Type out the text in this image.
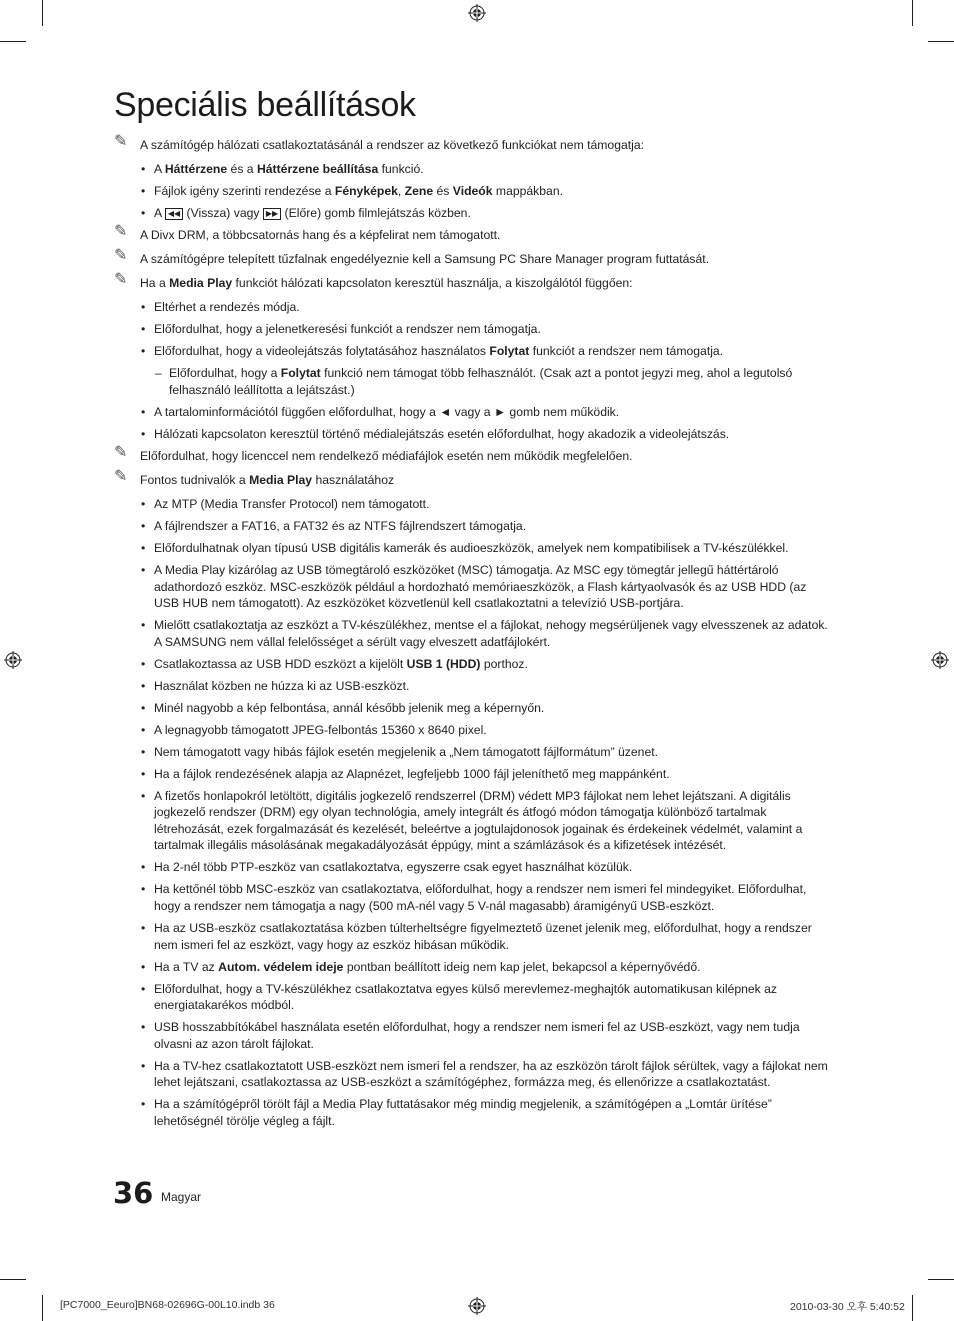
Speciális beállítások

✎ A számítógép hálózati csatlakoztatásánál a rendszer az következő funkciókat nem támogatja:

• A Háttérzene és a Háttérzene beállítása funkció.

• Fájlok igény szerinti rendezése a Fényképek, Zene és Videók mappákban.

• A ◀◀ (Vissza) vagy ▶▶ (Előre) gomb filmlejátszás közben.

✎ A Divx DRM, a többcsatornás hang és a képfelirat nem támogatott.

✎ A számítógépre telepített tűzfalnak engedélyeznie kell a Samsung PC Share Manager program futtatását.

✎ Ha a Media Play funkciót hálózati kapcsolaton keresztül használja, a kiszolgálótól függően:

• Eltérhet a rendezés módja.

• Előfordulhat, hogy a jelenetkeresési funkciót a rendszer nem támogatja.

• Előfordulhat, hogy a videolejátszás folytatásához használatos Folytat funkciót a rendszer nem támogatja.

– Előfordulhat, hogy a Folytat funkció nem támogat több felhasználót. (Csak azt a pontot jegyzi meg, ahol a legutolsó felhasználó leállította a lejátszást.)

• A tartalominformációtól függően előfordulhat, hogy a ◄ vagy a ► gomb nem működik.

• Hálózati kapcsolaton keresztül történő médialejátszás esetén előfordulhat, hogy akadozik a videolejátszás.

✎ Előfordulhat, hogy licenccel nem rendelkező médiafájlok esetén nem működik megfelelően.

✎ Fontos tudnivalók a Media Play használatához

• Az MTP (Media Transfer Protocol) nem támogatott.

• A fájlrendszer a FAT16, a FAT32 és az NTFS fájlrendszert támogatja.

• Előfordulhatnak olyan típusú USB digitális kamerák és audioeszközök, amelyek nem kompatibilisek a TV-készülékkel.

• A Media Play kizárólag az USB tömegtároló eszközöket (MSC) támogatja. Az MSC egy tömegtár jellegű háttértároló adathordozó eszköz. MSC-eszközök például a hordozható memóriaeszközök, a Flash kártyaolvasók és az USB HDD (az USB HUB nem támogatott). Az eszközöket közvetlenül kell csatlakoztatni a televízió USB-portjára.

• Mielőtt csatlakoztatja az eszközt a TV-készülékhez, mentse el a fájlokat, nehogy megsérüljenek vagy elvesszenek az adatok. A SAMSUNG nem vállal felelősséget a sérült vagy elveszett adatfájlokért.

• Csatlakoztassa az USB HDD eszközt a kijelölt USB 1 (HDD) porthoz.

• Használat közben ne húzza ki az USB-eszközt.

• Minél nagyobb a kép felbontása, annál később jelenik meg a képernyőn.

• A legnagyobb támogatott JPEG-felbontás 15360 x 8640 pixel.

• Nem támogatott vagy hibás fájlok esetén megjelenik a „Nem támogatott fájlformátum” üzenet.

• Ha a fájlok rendezésének alapja az Alapnézet, legfeljebb 1000 fájl jeleníthető meg mappánként.

• A fizetős honlapokról letöltött, digitális jogkezelő rendszerrel (DRM) védett MP3 fájlokat nem lehet lejátszani. A digitális jogkezelő rendszer (DRM) egy olyan technológia, amely integrált és átfogó módon támogatja különböző tartalmak létrehozását, ezek forgalmazását és kezelését, beleértve a jogtulajdonosok jogainak és érdekeinek védelmét, valamint a tartalmak illegális másolásának megakadályozását éppúgy, mint a számlázások és a kifizetések intézését.

• Ha 2-nél több PTP-eszköz van csatlakoztatva, egyszerre csak egyet használhat közülük.

• Ha kettőnél több MSC-eszköz van csatlakoztatva, előfordulhat, hogy a rendszer nem ismeri fel mindegyiket. Előfordulhat, hogy a rendszer nem támogatja a nagy (500 mA-nél vagy 5 V-nál magasabb) áramigényű USB-eszközt.

• Ha az USB-eszköz csatlakoztatása közben túlterheltségre figyelmeztető üzenet jelenik meg, előfordulhat, hogy a rendszer nem ismeri fel az eszközt, vagy hogy az eszköz hibásan működik.

• Ha a TV az Autom. védelem ideje pontban beállított ideig nem kap jelet, bekapcsol a képernyővédő.

• Előfordulhat, hogy a TV-készülékhez csatlakoztatva egyes külső merevlemez-meghajtók automatikusan kilépnek az energiatakarékos módból.

• USB hosszabbítókábel használata esetén előfordulhat, hogy a rendszer nem ismeri fel az USB-eszközt, vagy nem tudja olvasni az azon tárolt fájlokat.

• Ha a TV-hez csatlakoztatott USB-eszközt nem ismeri fel a rendszer, ha az eszközön tárolt fájlok sérültek, vagy a fájlokat nem lehet lejátszani, csatlakoztassa az USB-eszközt a számítógéphez, formázza meg, és ellenőrizze a csatlakoztatást.

• Ha a számítógépről törölt fájl a Media Play futtatásakor még mindig megjelenik, a számítógépen a „Lomtár ürítése” lehetőségnél törölje végleg a fájlt.

36 Magyar
[PC7000_Eeuro]BN68-02696G-00L10.indb 36	2010-03-30 오후 5:40:52
